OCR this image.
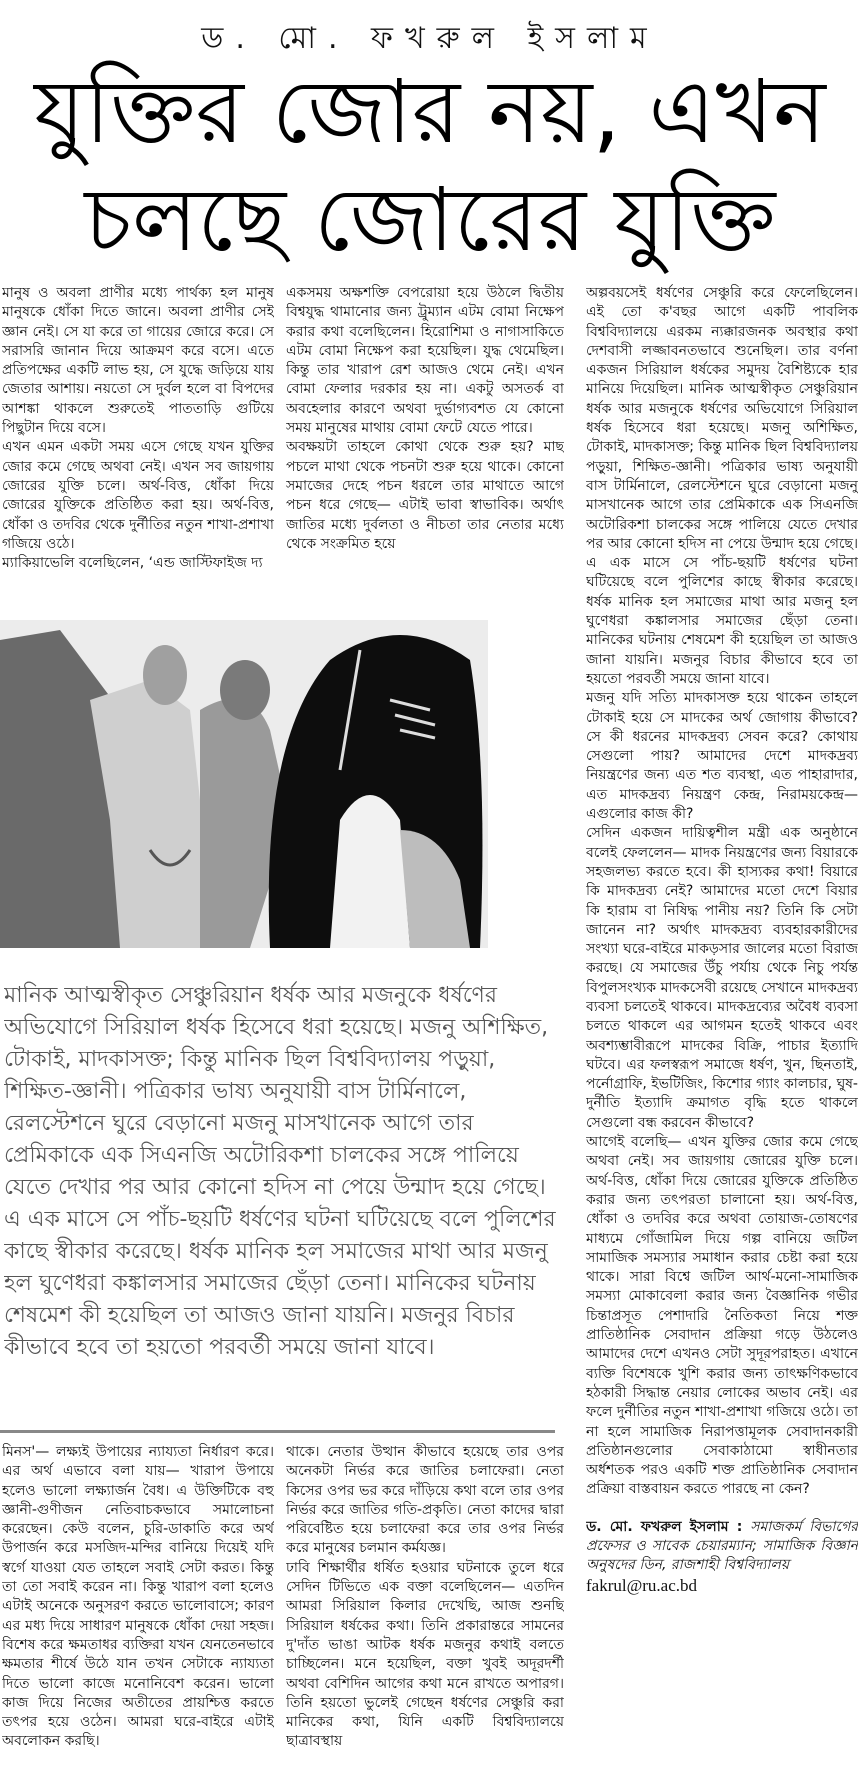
ড. মো. ফখরুল ইসলাম
যুক্তির জোর নয়, এখন
চলছে জোরের যুক্তি

মানুষ ও অবলা প্রাণীর মধ্যে পার্থক্য হল মানুষ মানুষকে ধোঁকা দিতে জানে। অবলা প্রাণীর সেই জ্ঞান নেই। সে যা করে তা গায়ের জোরে করে। সে সরাসরি জানান দিয়ে আক্রমণ করে বসে। এতে প্রতিপক্ষের একটি লাভ হয়, সে যুদ্ধে জড়িয়ে যায় জেতার আশায়। নয়তো সে দুর্বল হলে বা বিপদের আশঙ্কা থাকলে শুরুতেই পাততাড়ি গুটিয়ে পিছুটান দিয়ে বসে।

এখন এমন একটা সময় এসে গেছে যখন যুক্তির জোর কমে গেছে অথবা নেই। এখন সব জায়গায় জোরের যুক্তি চলে। অর্থ-বিত্ত, ধোঁকা দিয়ে জোরের যুক্তিকে প্রতিষ্ঠিত করা হয়। অর্থ-বিত্ত, ধোঁকা ও তদবির থেকে দুর্নীতির নতুন শাখা-প্রশাখা গজিয়ে ওঠে।

ম্যাকিয়াভেলি বলেছিলেন, ‘এন্ড জাস্টিফাইজ দ্য

একসময় অক্ষশক্তি বেপরোয়া হয়ে উঠলে দ্বিতীয় বিশ্বযুদ্ধ থামানোর জন্য ট্রুম্যান এটম বোমা নিক্ষেপ করার কথা বলেছিলেন। হিরোশিমা ও নাগাসাকিতে এটম বোমা নিক্ষেপ করা হয়েছিল। যুদ্ধ থেমেছিল। কিন্তু তার খারাপ রেশ আজও থেমে নেই। এখন বোমা ফেলার দরকার হয় না। একটু অসতর্ক বা অবহেলার কারণে অথবা দুর্ভাগ্যবশত যে কোনো সময় মানুষের মাথায় বোমা ফেটে যেতে পারে।

অবক্ষয়টা তাহলে কোথা থেকে শুরু হয়? মাছ পচলে মাথা থেকে পচনটা শুরু হয়ে থাকে। কোনো সমাজের দেহে পচন ধরলে তার মাথাতে আগে পচন ধরে গেছে— এটাই ভাবা স্বাভাবিক। অর্থাৎ জাতির মধ্যে দুর্বলতা ও নীচতা তার নেতার মধ্যে থেকে সংক্রমিত হয়ে

অল্পবয়সেই ধর্ষণের সেঞ্চুরি করে ফেলেছিলেন। এই তো ক'বছর আগে একটি পাবলিক বিশ্ববিদ্যালয়ে এরকম ন্যক্কারজনক অবস্থার কথা দেশবাসী লজ্জাবনতভাবে শুনেছিল। তার বর্ণনা একজন সিরিয়াল ধর্ষকের সমুদয় বৈশিষ্ট্যকে হার মানিয়ে দিয়েছিল। মানিক আত্মস্বীকৃত সেঞ্চুরিয়ান ধর্ষক আর মজনুকে ধর্ষণের অভিযোগে সিরিয়াল ধর্ষক হিসেবে ধরা হয়েছে। মজনু অশিক্ষিত, টোকাই, মাদকাসক্ত; কিন্তু মানিক ছিল বিশ্ববিদ্যালয় পড়ুয়া, শিক্ষিত-জ্ঞানী। পত্রিকার ভাষ্য অনুযায়ী বাস টার্মিনালে, রেলস্টেশনে ঘুরে বেড়ানো মজনু মাসখানেক আগে তার প্রেমিকাকে এক সিএনজি অটোরিকশা চালকের সঙ্গে পালিয়ে যেতে দেখার পর আর কোনো হদিস না পেয়ে উন্মাদ হয়ে গেছে। এ এক মাসে সে পাঁচ-ছয়টি ধর্ষণের ঘটনা ঘটিয়েছে বলে পুলিশের কাছে স্বীকার করেছে। ধর্ষক মানিক হল সমাজের মাথা আর মজনু হল ঘুণেধরা কঙ্কালসার সমাজের ছেঁড়া তেনা। মানিকের ঘটনায় শেষমেশ কী হয়েছিল তা আজও জানা যায়নি। মজনুর বিচার কীভাবে হবে তা হয়তো পরবর্তী সময়ে জানা যাবে।

মজনু যদি সত্যি মাদকাসক্ত হয়ে থাকেন তাহলে টোকাই হয়ে সে মাদকের অর্থ জোগায় কীভাবে? সে কী ধরনের মাদকদ্রব্য সেবন করে? কোথায় সেগুলো পায়? আমাদের দেশে মাদকদ্রব্য নিয়ন্ত্রণের জন্য এত শত ব্যবস্থা, এত পাহারাদার, এত মাদকদ্রব্য নিয়ন্ত্রণ কেন্দ্র, নিরাময়কেন্দ্র— এগুলোর কাজ কী?

সেদিন একজন দায়িত্বশীল মন্ত্রী এক অনুষ্ঠানে বলেই ফেললেন— মাদক নিয়ন্ত্রণের জন্য বিয়ারকে সহজলভ্য করতে হবে। কী হাস্যকর কথা! বিয়ারে কি মাদকদ্রব্য নেই? আমাদের মতো দেশে বিয়ার কি হারাম বা নিষিদ্ধ পানীয় নয়? তিনি কি সেটা জানেন না? অর্থাৎ মাদকদ্রব্য ব্যবহারকারীদের সংখ্যা ঘরে-বাইরে মাকড়সার জালের মতো বিরাজ করছে। যে সমাজের উঁচু পর্যায় থেকে নিচু পর্যন্ত বিপুলসংখ্যক মাদকসেবী রয়েছে সেখানে মাদকদ্রব্য ব্যবসা চলতেই থাকবে। মাদকদ্রব্যের অবৈধ ব্যবসা চলতে থাকলে এর আগমন হতেই থাকবে এবং অবশ্যম্ভাবীরূপে মাদকের বিক্রি, পাচার ইত্যাদি ঘটবে। এর ফলস্বরূপ সমাজে ধর্ষণ, খুন, ছিনতাই, পর্নোগ্রাফি, ইভটিজিং, কিশোর গ্যাং কালচার, ঘুষ-দুর্নীতি ইত্যাদি ক্রমাগত বৃদ্ধি হতে থাকলে সেগুলো বন্ধ করবেন কীভাবে?

আগেই বলেছি— এখন যুক্তির জোর কমে গেছে অথবা নেই। সব জায়গায় জোরের যুক্তি চলে। অর্থ-বিত্ত, ধোঁকা দিয়ে জোরের যুক্তিকে প্রতিষ্ঠিত করার জন্য তৎপরতা চালানো হয়। অর্থ-বিত্ত, ধোঁকা ও তদবির করে অথবা তোয়াজ-তোষণের মাধ্যমে গোঁজামিল দিয়ে গল্প বানিয়ে জটিল সামাজিক সমস্যার সমাধান করার চেষ্টা করা হয়ে থাকে। সারা বিশ্বে জটিল আর্থ-মনো-সামাজিক সমস্যা মোকাবেলা করার জন্য বৈজ্ঞানিক গভীর চিন্তাপ্রসূত পেশাদারি নৈতিকতা নিয়ে শক্ত প্রাতিষ্ঠানিক সেবাদান প্রক্রিয়া গড়ে উঠলেও আমাদের দেশে এখনও সেটা সুদূরপরাহত। এখানে ব্যক্তি বিশেষকে খুশি করার জন্য তাৎক্ষণিকভাবে হঠকারী সিদ্ধান্ত নেয়ার লোকের অভাব নেই। এর ফলে দুর্নীতির নতুন শাখা-প্রশাখা গজিয়ে ওঠে। তা না হলে সামাজিক নিরাপত্তামূলক সেবাদানকারী প্রতিষ্ঠানগুলোর সেবাকাঠামো স্বাধীনতার অর্ধশতক পরও একটি শক্ত প্রাতিষ্ঠানিক সেবাদান প্রক্রিয়া বাস্তবায়ন করতে পারছে না কেন?

ড. মো. ফখরুল ইসলাম : সমাজকর্ম বিভাগের প্রফেসর ও সাবেক চেয়ারম্যান; সামাজিক বিজ্ঞান অনুষদের ডিন, রাজশাহী বিশ্ববিদ্যালয়
fakrul@ru.ac.bd

মানিক আত্মস্বীকৃত সেঞ্চুরিয়ান ধর্ষক আর মজনুকে ধর্ষণের অভিযোগে সিরিয়াল ধর্ষক হিসেবে ধরা হয়েছে। মজনু অশিক্ষিত, টোকাই, মাদকাসক্ত; কিন্তু মানিক ছিল বিশ্ববিদ্যালয় পড়ুয়া, শিক্ষিত-জ্ঞানী। পত্রিকার ভাষ্য অনুযায়ী বাস টার্মিনালে, রেলস্টেশনে ঘুরে বেড়ানো মজনু মাসখানেক আগে তার প্রেমিকাকে এক সিএনজি অটোরিকশা চালকের সঙ্গে পালিয়ে যেতে দেখার পর আর কোনো হদিস না পেয়ে উন্মাদ হয়ে গেছে। এ এক মাসে সে পাঁচ-ছয়টি ধর্ষণের ঘটনা ঘটিয়েছে বলে পুলিশের কাছে স্বীকার করেছে। ধর্ষক মানিক হল সমাজের মাথা আর মজনু হল ঘুণেধরা কঙ্কালসার সমাজের ছেঁড়া তেনা। মানিকের ঘটনায় শেষমেশ কী হয়েছিল তা আজও জানা যায়নি। মজনুর বিচার কীভাবে হবে তা হয়তো পরবর্তী সময়ে জানা যাবে।

মিনস'— লক্ষ্যই উপায়ের ন্যায্যতা নির্ধারণ করে। এর অর্থ এভাবে বলা যায়— খারাপ উপায়ে হলেও ভালো লক্ষ্যার্জন বৈধ। এ উক্তিটিকে বহু জ্ঞানী-গুণীজন নেতিবাচকভাবে সমালোচনা করেছেন। কেউ বলেন, চুরি-ডাকাতি করে অর্থ উপার্জন করে মসজিদ-মন্দির বানিয়ে দিয়েই যদি স্বর্গে যাওয়া যেত তাহলে সবাই সেটা করত। কিন্তু তা তো সবাই করেন না। কিন্তু খারাপ বলা হলেও এটাই অনেকে অনুসরণ করতে ভালোবাসে; কারণ এর মধ্য দিয়ে সাধারণ মানুষকে ধোঁকা দেয়া সহজ। বিশেষ করে ক্ষমতাধর ব্যক্তিরা যখন যেনতেনভাবে ক্ষমতার শীর্ষে উঠে যান তখন সেটাকে ন্যায্যতা দিতে ভালো কাজে মনোনিবেশ করেন। ভালো কাজ দিয়ে নিজের অতীতের প্রায়শ্চিত্ত করতে তৎপর হয়ে ওঠেন। আমরা ঘরে-বাইরে এটাই অবলোকন করছি।

থাকে। নেতার উত্থান কীভাবে হয়েছে তার ওপর অনেকটা নির্ভর করে জাতির চলাফেরা। নেতা কিসের ওপর ভর করে দাঁড়িয়ে কথা বলে তার ওপর নির্ভর করে জাতির গতি-প্রকৃতি। নেতা কাদের দ্বারা পরিবেষ্টিত হয়ে চলাফেরা করে তার ওপর নির্ভর করে মানুষের চলমান কর্মযজ্ঞ।

ঢাবি শিক্ষার্থীর ধর্ষিত হওয়ার ঘটনাকে তুলে ধরে সেদিন টিভিতে এক বক্তা বলেছিলেন— এতদিন আমরা সিরিয়াল কিলার দেখেছি, আজ শুনছি সিরিয়াল ধর্ষকের কথা। তিনি প্রকারান্তরে সামনের দু'দাঁত ভাঙা আটক ধর্ষক মজনুর কথাই বলতে চাচ্ছিলেন। মনে হয়েছিল, বক্তা খুবই অদূরদর্শী অথবা বেশিদিন আগের কথা মনে রাখতে অপারগ। তিনি হয়তো ভুলেই গেছেন ধর্ষণের সেঞ্চুরি করা মানিকের কথা, যিনি একটি বিশ্ববিদ্যালয়ে ছাত্রাবস্থায়
